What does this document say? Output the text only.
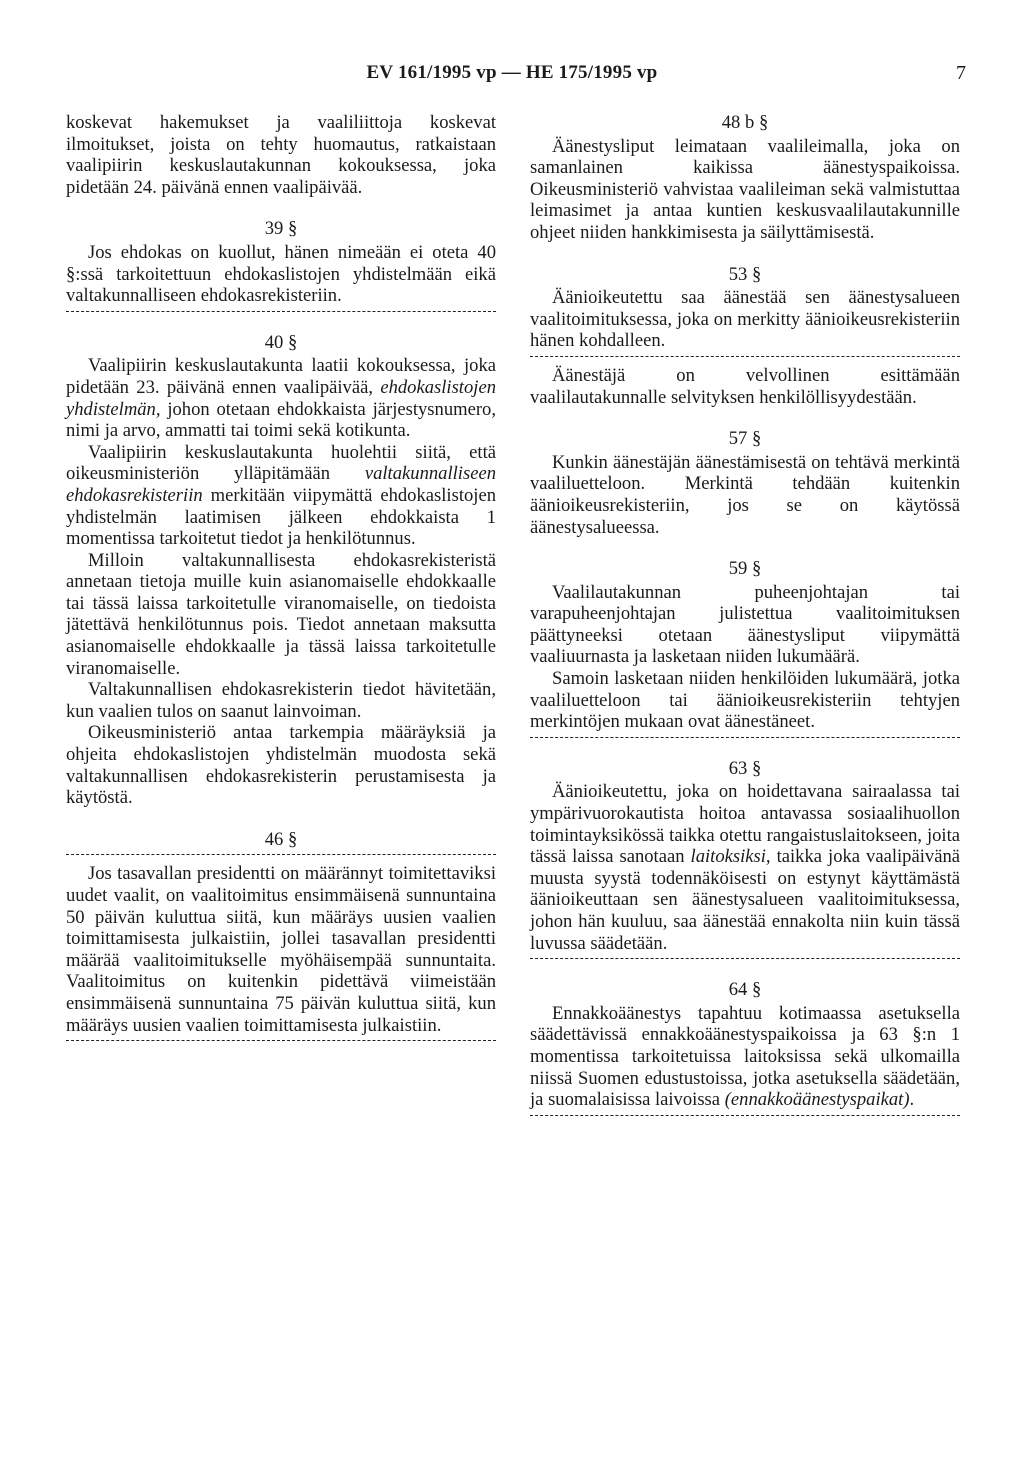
EV 161/1995 vp — HE 175/1995 vp	7

koskevat hakemukset ja vaaliliittoja koskevat ilmoitukset, joista on tehty huomautus, ratkaistaan vaalipiirin keskuslautakunnan kokouksessa, joka pidetään 24. päivänä ennen vaalipäivää.

39 §

Jos ehdokas on kuollut, hänen nimeään ei oteta 40 §:ssä tarkoitettuun ehdokaslistojen yhdistelmään eikä valtakunnalliseen ehdokasrekisteriin.

40 §

Vaalipiirin keskuslautakunta laatii kokouksessa, joka pidetään 23. päivänä ennen vaalipäivää, ehdokaslistojen yhdistelmän, johon otetaan ehdokkaista järjestysnumero, nimi ja arvo, ammatti tai toimi sekä kotikunta.

Vaalipiirin keskuslautakunta huolehtii siitä, että oikeusministeriön ylläpitämään valtakunnalliseen ehdokasrekisteriin merkitään viipymättä ehdokaslistojen yhdistelmän laatimisen jälkeen ehdokkaista 1 momentissa tarkoitetut tiedot ja henkilötunnus.

Milloin valtakunnallisesta ehdokasrekisteristä annetaan tietoja muille kuin asianomaiselle ehdokkaalle tai tässä laissa tarkoitetulle viranomaiselle, on tiedoista jätettävä henkilötunnus pois. Tiedot annetaan maksutta asianomaiselle ehdokkaalle ja tässä laissa tarkoitetulle viranomaiselle.

Valtakunnallisen ehdokasrekisterin tiedot hävitetään, kun vaalien tulos on saanut lainvoiman.

Oikeusministeriö antaa tarkempia määräyksiä ja ohjeita ehdokaslistojen yhdistelmän muodosta sekä valtakunnallisen ehdokasrekisterin perustamisesta ja käytöstä.

46 §

Jos tasavallan presidentti on määrännyt toimitettaviksi uudet vaalit, on vaalitoimitus ensimmäisenä sunnuntaina 50 päivän kuluttua siitä, kun määräys uusien vaalien toimittamisesta julkaistiin, jollei tasavallan presidentti määrää vaalitoimitukselle myöhäisempää sunnuntaita. Vaalitoimitus on kuitenkin pidettävä viimeistään ensimmäisenä sunnuntaina 75 päivän kuluttua siitä, kun määräys uusien vaalien toimittamisesta julkaistiin.

48 b §

Äänestysliput leimataan vaalileimalla, joka on samanlainen kaikissa äänestyspaikoissa. Oikeusministeriö vahvistaa vaalileiman sekä valmistuttaa leimasimet ja antaa kuntien keskusvaalilautakunnille ohjeet niiden hankkimisesta ja säilyttämisestä.

53 §

Äänioikeutettu saa äänestää sen äänestysalueen vaalitoimituksessa, joka on merkitty äänioikeusrekisteriin hänen kohdalleen.

Äänestäjä on velvollinen esittämään vaalilautakunnalle selvityksen henkilöllisyydestään.

57 §

Kunkin äänestäjän äänestämisestä on tehtävä merkintä vaaliluetteloon. Merkintä tehdään kuitenkin äänioikeusrekisteriin, jos se on käytössä äänestysalueessa.

59 §

Vaalilautakunnan puheenjohtajan tai varapuheenjohtajan julistettua vaalitoimituksen päättyneeksi otetaan äänestysliput viipymättä vaaliuurnasta ja lasketaan niiden lukumäärä.

Samoin lasketaan niiden henkilöiden lukumäärä, jotka vaaliluetteloon tai äänioikeusrekisteriin tehtyjen merkintöjen mukaan ovat äänestäneet.

63 §

Äänioikeutettu, joka on hoidettavana sairaalassa tai ympärivuorokautista hoitoa antavassa sosiaalihuollon toimintayksikössä taikka otettu rangaistuslaitokseen, joita tässä laissa sanotaan laitoksiksi, taikka joka vaalipäivänä muusta syystä todennäköisesti on estynyt käyttämästä äänioikeuttaan sen äänestysalueen vaalitoimituksessa, johon hän kuuluu, saa äänestää ennakolta niin kuin tässä luvussa säädetään.

64 §

Ennakkoäänestys tapahtuu kotimaassa asetuksella säädettävissä ennakkoäänestyspaikoissa ja 63 §:n 1 momentissa tarkoitetuissa laitoksissa sekä ulkomailla niissä Suomen edustustoissa, jotka asetuksella säädetään, ja suomalaisissa laivoissa (ennakkoäänestyspaikat).
